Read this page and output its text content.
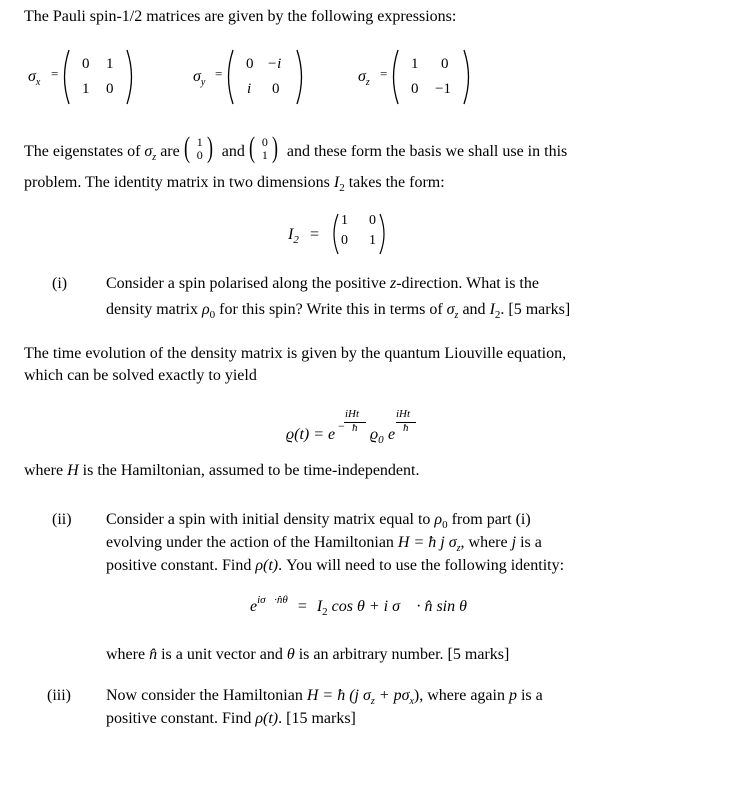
The Pauli spin-1/2 matrices are given by the following expressions:
$\sigma_x$
=
0 1
1 0
$\sigma_y$
=
0 −i
i 0
$\sigma_z$
=
1 0
0 −1
The eigenstates of $\sigma_z$ are ( 1
0 ) and ( 0
1 ) and these form the basis we shall use in this
problem. The identity matrix in two dimensions $I_2$ takes the form:
$I_2$ =
1 0
0 1
(i) Consider a spin polarised along the positive z-direction. What is the
density matrix $\rho_0$ for this spin? Write this in terms of $\sigma_z$ and $I_2$. [5 marks]
The time evolution of the density matrix is given by the quantum Liouville equation,
which can be solved exactly to yield
ϱ(t) = e −
iHt
ħ $ϱ_0$ e
iHt
ħ
where H is the Hamiltonian, assumed to be time-independent.
(ii) Consider a spin with initial density matrix equal to $\rho_0$ from part (i)
evolving under the action of the Hamiltonian H = ħ j $\sigma_z$, where j is a
positive constant. Find ρ(t). You will need to use the following identity:
$e^{i\sigma⃗\cdot n̂\theta} = I_2$ cos θ + i σ⃗ · n̂ sin θ
where n̂ is a unit vector and θ is an arbitrary number. [5 marks]
(iii) Now consider the Hamiltonian H = ħ (j $\sigma_z + p\sigma_x$), where again p is a
positive constant. Find ρ(t). [15 marks]
